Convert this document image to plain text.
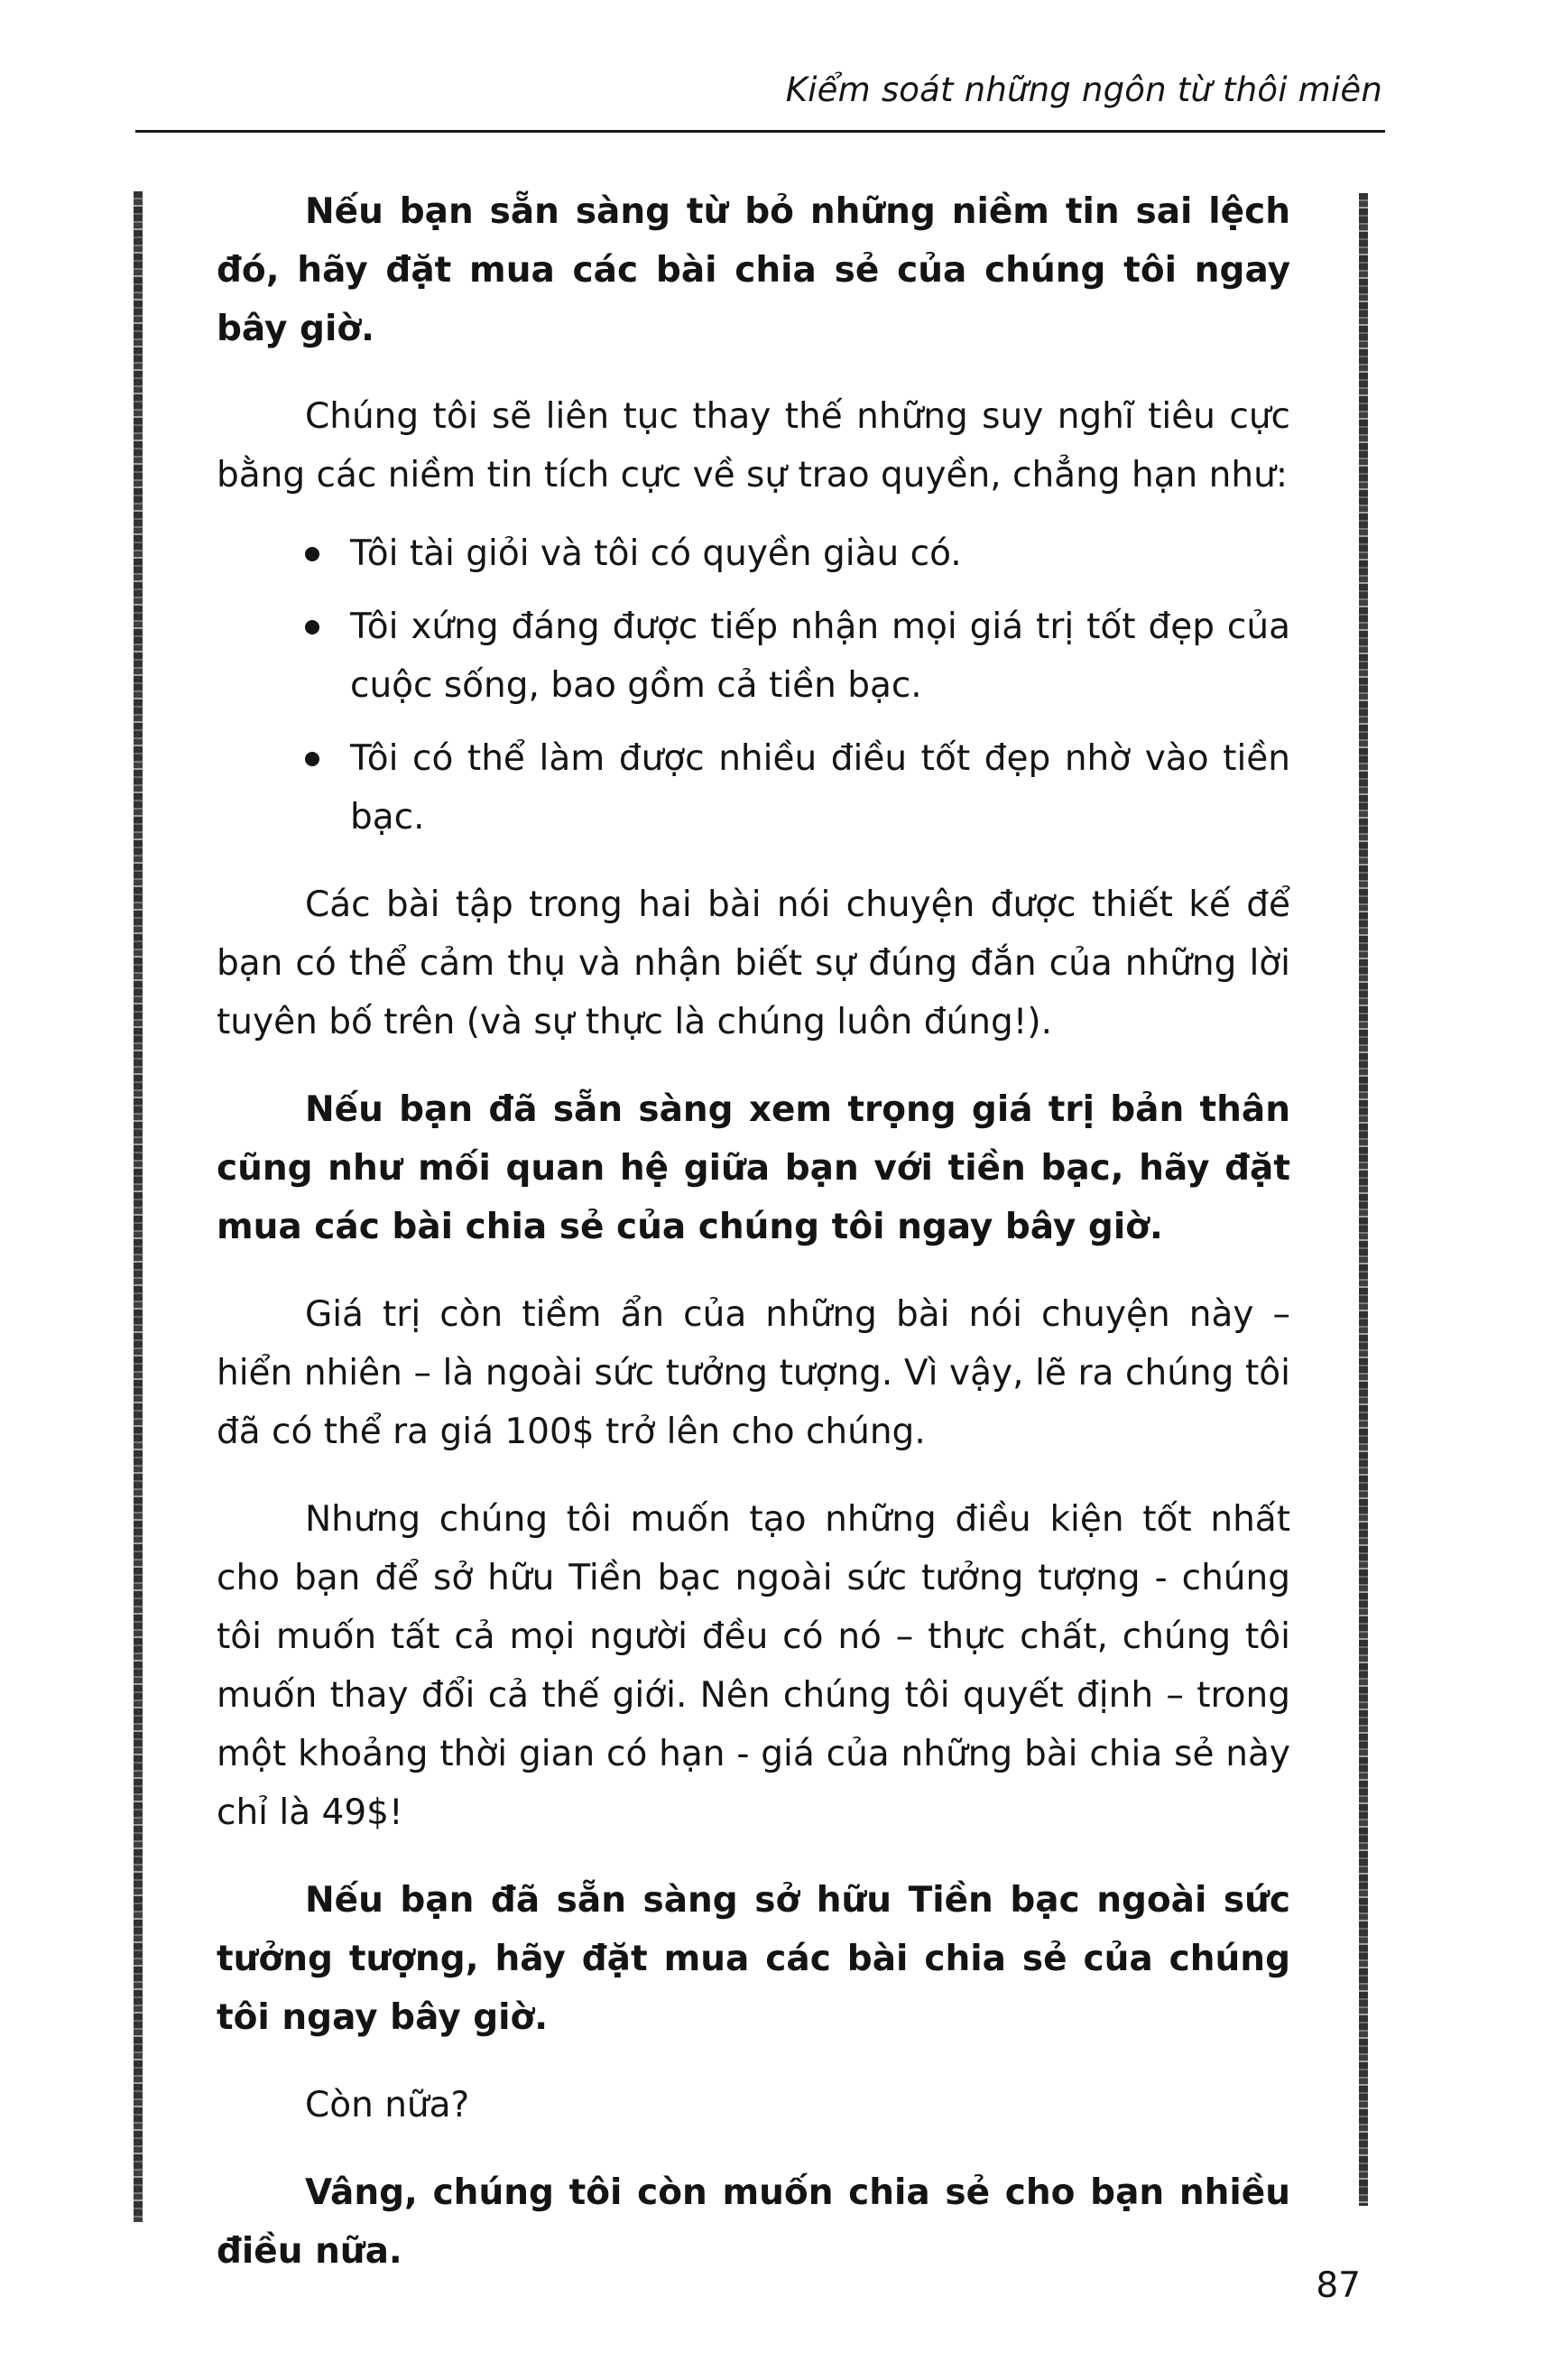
Kiểm soát những ngôn từ thôi miên

Nếu bạn sẵn sàng từ bỏ những niềm tin sai lệch đó, hãy đặt mua các bài chia sẻ của chúng tôi ngay bây giờ.

Chúng tôi sẽ liên tục thay thế những suy nghĩ tiêu cực bằng các niềm tin tích cực về sự trao quyền, chẳng hạn như:

Tôi tài giỏi và tôi có quyền giàu có.
Tôi xứng đáng được tiếp nhận mọi giá trị tốt đẹp của cuộc sống, bao gồm cả tiền bạc.
Tôi có thể làm được nhiều điều tốt đẹp nhờ vào tiền bạc.

Các bài tập trong hai bài nói chuyện được thiết kế để bạn có thể cảm thụ và nhận biết sự đúng đắn của những lời tuyên bố trên (và sự thực là chúng luôn đúng!).

Nếu bạn đã sẵn sàng xem trọng giá trị bản thân cũng như mối quan hệ giữa bạn với tiền bạc, hãy đặt mua các bài chia sẻ của chúng tôi ngay bây giờ.

Giá trị còn tiềm ẩn của những bài nói chuyện này – hiển nhiên – là ngoài sức tưởng tượng. Vì vậy, lẽ ra chúng tôi đã có thể ra giá 100$ trở lên cho chúng.

Nhưng chúng tôi muốn tạo những điều kiện tốt nhất cho bạn để sở hữu Tiền bạc ngoài sức tưởng tượng - chúng tôi muốn tất cả mọi người đều có nó – thực chất, chúng tôi muốn thay đổi cả thế giới. Nên chúng tôi quyết định – trong một khoảng thời gian có hạn - giá của những bài chia sẻ này chỉ là 49$!

Nếu bạn đã sẵn sàng sở hữu Tiền bạc ngoài sức tưởng tượng, hãy đặt mua các bài chia sẻ của chúng tôi ngay bây giờ.

Còn nữa?

Vâng, chúng tôi còn muốn chia sẻ cho bạn nhiều điều nữa.

87
